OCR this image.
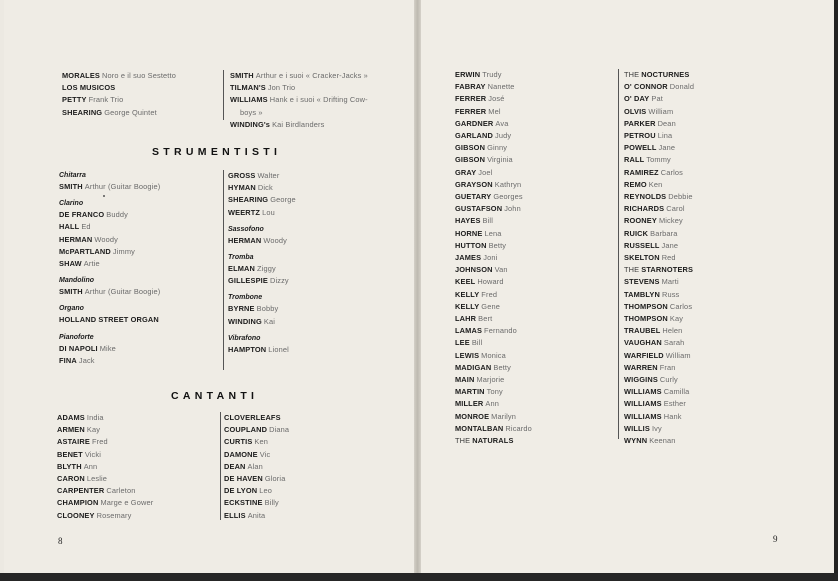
MORALES Noro e il suo Sestetto
LOS MUSICOS
PETTY Frank Trio
SHEARING George Quintet
SMITH Arthur e i suoi « Cracker-Jacks »
TILMAN'S Jon Trio
WILLIAMS Hank e i suoi « Drifting Cow-
boys »
WINDING's Kai Birdlanders
STRUMENTISTI
Chitarra
SMITH Arthur (Guitar Boogie)
Clarino
DE FRANCO Buddy
HALL Ed
HERMAN Woody
McPARTLAND Jimmy
SHAW Artie
Mandolino
SMITH Arthur (Guitar Boogie)
Organo
HOLLAND STREET ORGAN
Pianoforte
DI NAPOLI Mike
FINA Jack
GROSS Walter
HYMAN Dick
SHEARING George
WEERTZ Lou
Sassofono
HERMAN Woody
Tromba
ELMAN Ziggy
GILLESPIE Dizzy
Trombone
BYRNE Bobby
WINDING Kai
Vibrafono
HAMPTON Lionel
CANTANTI
ADAMS India
ARMEN Kay
ASTAIRE Fred
BENET Vicki
BLYTH Ann
CARON Leslie
CARPENTER Carleton
CHAMPION Marge e Gower
CLOONEY Rosemary
CLOVERLEAFS
COUPLAND Diana
CURTIS Ken
DAMONE Vic
DEAN Alan
DE HAVEN Gloria
DE LYON Leo
ECKSTINE Billy
ELLIS Anita
8
ERWIN Trudy
FABRAY Nanette
FERRER José
FERRER Mel
GARDNER Ava
GARLAND Judy
GIBSON Ginny
GIBSON Virginia
GRAY Joel
GRAYSON Kathryn
GUETARY Georges
GUSTAFSON John
HAYES Bill
HORNE Lena
HUTTON Betty
JAMES Joni
JOHNSON Van
KEEL Howard
KELLY Fred
KELLY Gene
LAHR Bert
LAMAS Fernando
LEE Bill
LEWIS Monica
MADIGAN Betty
MAIN Marjorie
MARTIN Tony
MILLER Ann
MONROE Marilyn
MONTALBAN Ricardo
THE NATURALS
THE NOCTURNES
O' CONNOR Donald
O' DAY Pat
OLVIS William
PARKER Dean
PETROU Lina
POWELL Jane
RALL Tommy
RAMIREZ Carlos
REMO Ken
REYNOLDS Debbie
RICHARDS Carol
ROONEY Mickey
RUICK Barbara
RUSSELL Jane
SKELTON Red
THE STARNOTERS
STEVENS Marti
TAMBLYN Russ
THOMPSON Carlos
THOMPSON Kay
TRAUBEL Helen
VAUGHAN Sarah
WARFIELD William
WARREN Fran
WIGGINS Curly
WILLIAMS Camilla
WILLIAMS Esther
WILLIAMS Hank
WILLIS Ivy
WYNN Keenan
9
